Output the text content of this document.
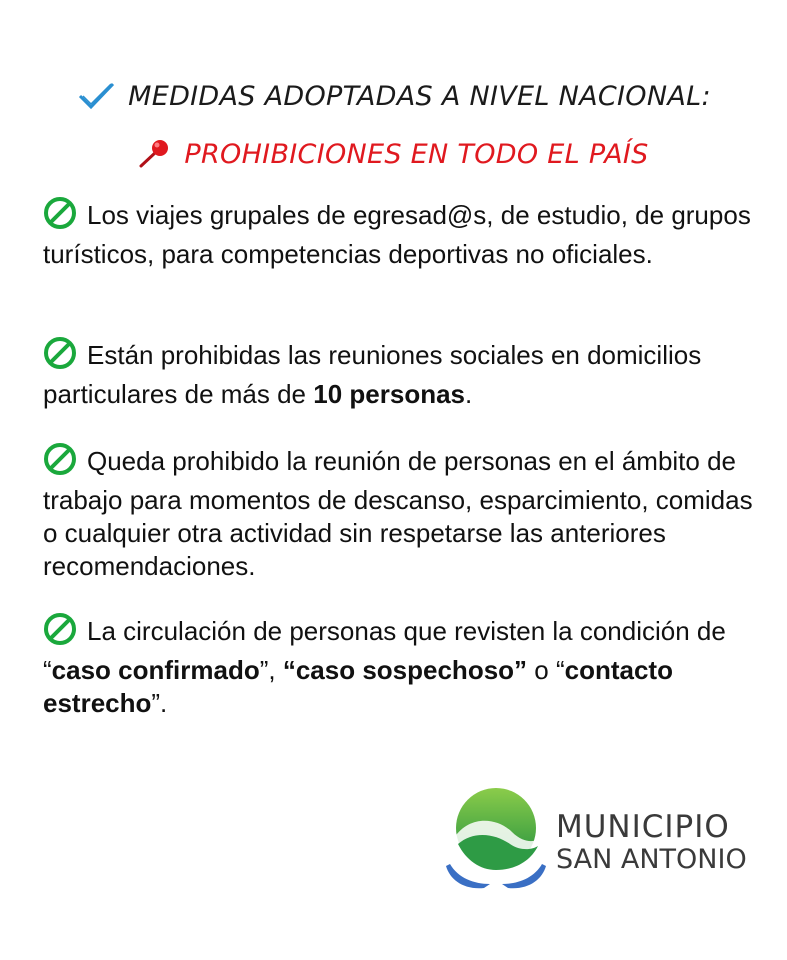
MEDIDAS ADOPTADAS A NIVEL NACIONAL:
PROHIBICIONES EN TODO EL PAÍS
Los viajes grupales de egresad@s, de estudio, de grupos turísticos, para competencias deportivas no oficiales.
Están prohibidas las reuniones sociales en domicilios particulares de más de 10 personas.
Queda prohibido la reunión de personas en el ámbito de trabajo para momentos de descanso, esparcimiento, comidas o cualquier otra actividad sin respetarse las anteriores recomendaciones.
La circulación de personas que revisten la condición de “caso confirmado”, “caso sospechoso” o “contacto estrecho”.
MUNICIPIO
SAN ANTONIO
